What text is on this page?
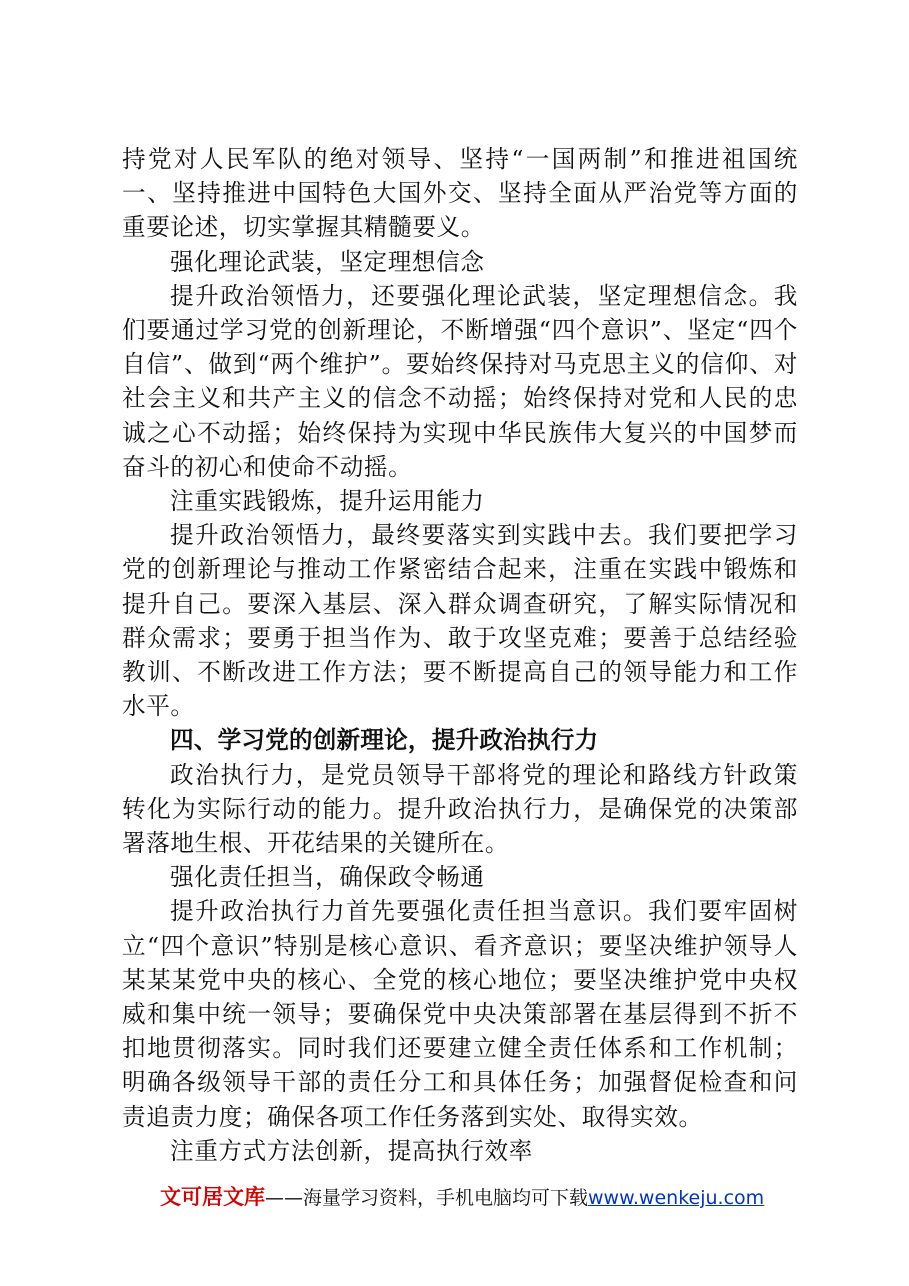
持党对人民军队的绝对领导、坚持“一国两制”和推进祖国统一、坚持推进中国特色大国外交、坚持全面从严治党等方面的重要论述，切实掌握其精髓要义。

强化理论武装，坚定理想信念

提升政治领悟力，还要强化理论武装，坚定理想信念。我们要通过学习党的创新理论，不断增强“四个意识”、坚定“四个自信”、做到“两个维护”。要始终保持对马克思主义的信仰、对社会主义和共产主义的信念不动摇；始终保持对党和人民的忠诚之心不动摇；始终保持为实现中华民族伟大复兴的中国梦而奋斗的初心和使命不动摇。

注重实践锻炼，提升运用能力

提升政治领悟力，最终要落实到实践中去。我们要把学习党的创新理论与推动工作紧密结合起来，注重在实践中锻炼和提升自己。要深入基层、深入群众调查研究，了解实际情况和群众需求；要勇于担当作为、敢于攻坚克难；要善于总结经验教训、不断改进工作方法；要不断提高自己的领导能力和工作水平。

四、学习党的创新理论，提升政治执行力

政治执行力，是党员领导干部将党的理论和路线方针政策转化为实际行动的能力。提升政治执行力，是确保党的决策部署落地生根、开花结果的关键所在。

强化责任担当，确保政令畅通

提升政治执行力首先要强化责任担当意识。我们要牢固树立“四个意识”特别是核心意识、看齐意识；要坚决维护领导人某某某党中央的核心、全党的核心地位；要坚决维护党中央权威和集中统一领导；要确保党中央决策部署在基层得到不折不扣地贯彻落实。同时我们还要建立健全责任体系和工作机制；明确各级领导干部的责任分工和具体任务；加强督促检查和问责追责力度；确保各项工作任务落到实处、取得实效。

注重方式方法创新，提高执行效率

文可居文库——海量学习资料，手机电脑均可下载www.wenkeju.com
